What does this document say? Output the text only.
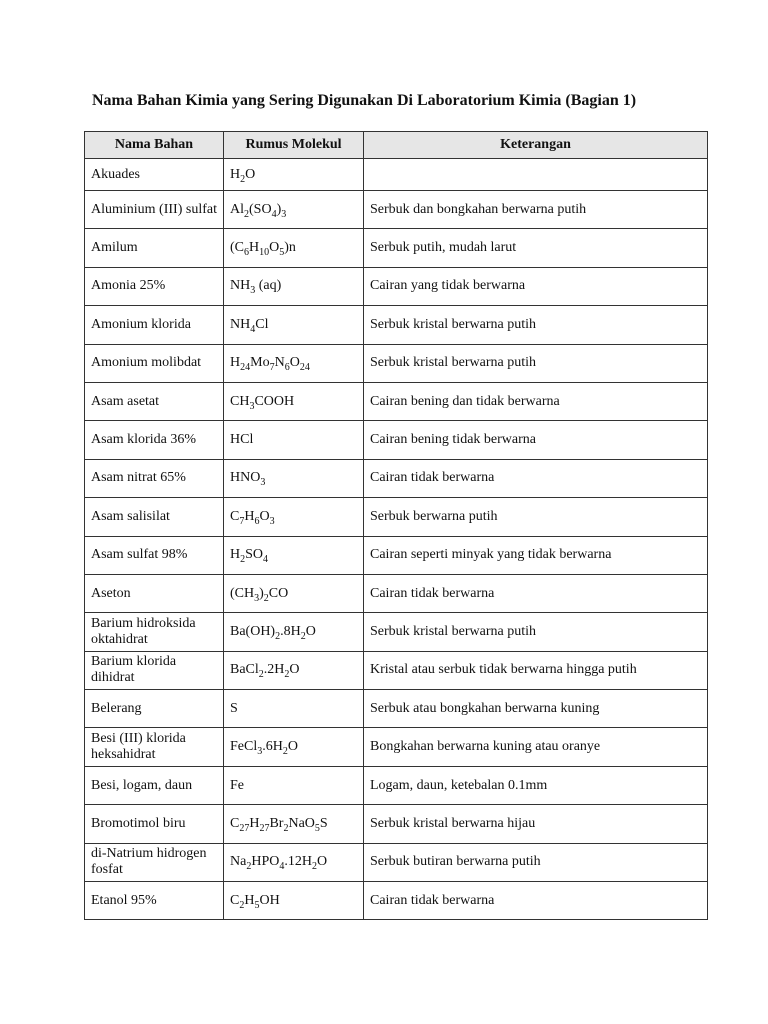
Nama Bahan Kimia yang Sering Digunakan Di Laboratorium Kimia (Bagian 1)
Nama Bahan	Rumus Molekul	Keterangan
Akuades	$H_2O$	
Aluminium (III) sulfat	$Al_2(SO_4)_3$	Serbuk dan bongkahan berwarna putih
Amilum	$(C_6H_{10}O_5)n$	Serbuk putih, mudah larut
Amonia 25%	$NH_3$ (aq)	Cairan yang tidak berwarna
Amonium klorida	$NH_4Cl$	Serbuk kristal berwarna putih
Amonium molibdat	$H_{24}Mo_7N_6O_{24}$	Serbuk kristal berwarna putih
Asam asetat	$CH_3COOH$	Cairan bening dan tidak berwarna
Asam klorida 36%	HCl	Cairan bening tidak berwarna
Asam nitrat 65%	$HNO_3$	Cairan tidak berwarna
Asam salisilat	$C_7H_6O_3$	Serbuk berwarna putih
Asam sulfat 98%	$H_2SO_4$	Cairan seperti minyak yang tidak berwarna
Aseton	$(CH_3)_2CO$	Cairan tidak berwarna
Barium hidroksida oktahidrat	$Ba(OH)_2.8H_2O$	Serbuk kristal berwarna putih
Barium klorida dihidrat	$BaCl_2.2H_2O$	Kristal atau serbuk tidak berwarna hingga putih
Belerang	S	Serbuk atau bongkahan berwarna kuning
Besi (III) klorida heksahidrat	$FeCl_3.6H_2O$	Bongkahan berwarna kuning atau oranye
Besi, logam, daun	Fe	Logam, daun, ketebalan 0.1mm
Bromotimol biru	$C_{27}H_{27}Br_2NaO_5S$	Serbuk kristal berwarna hijau
di-Natrium hidrogen fosfat	$Na_2HPO_4.12H_2O$	Serbuk butiran berwarna putih
Etanol 95%	$C_2H_5OH$	Cairan tidak berwarna
